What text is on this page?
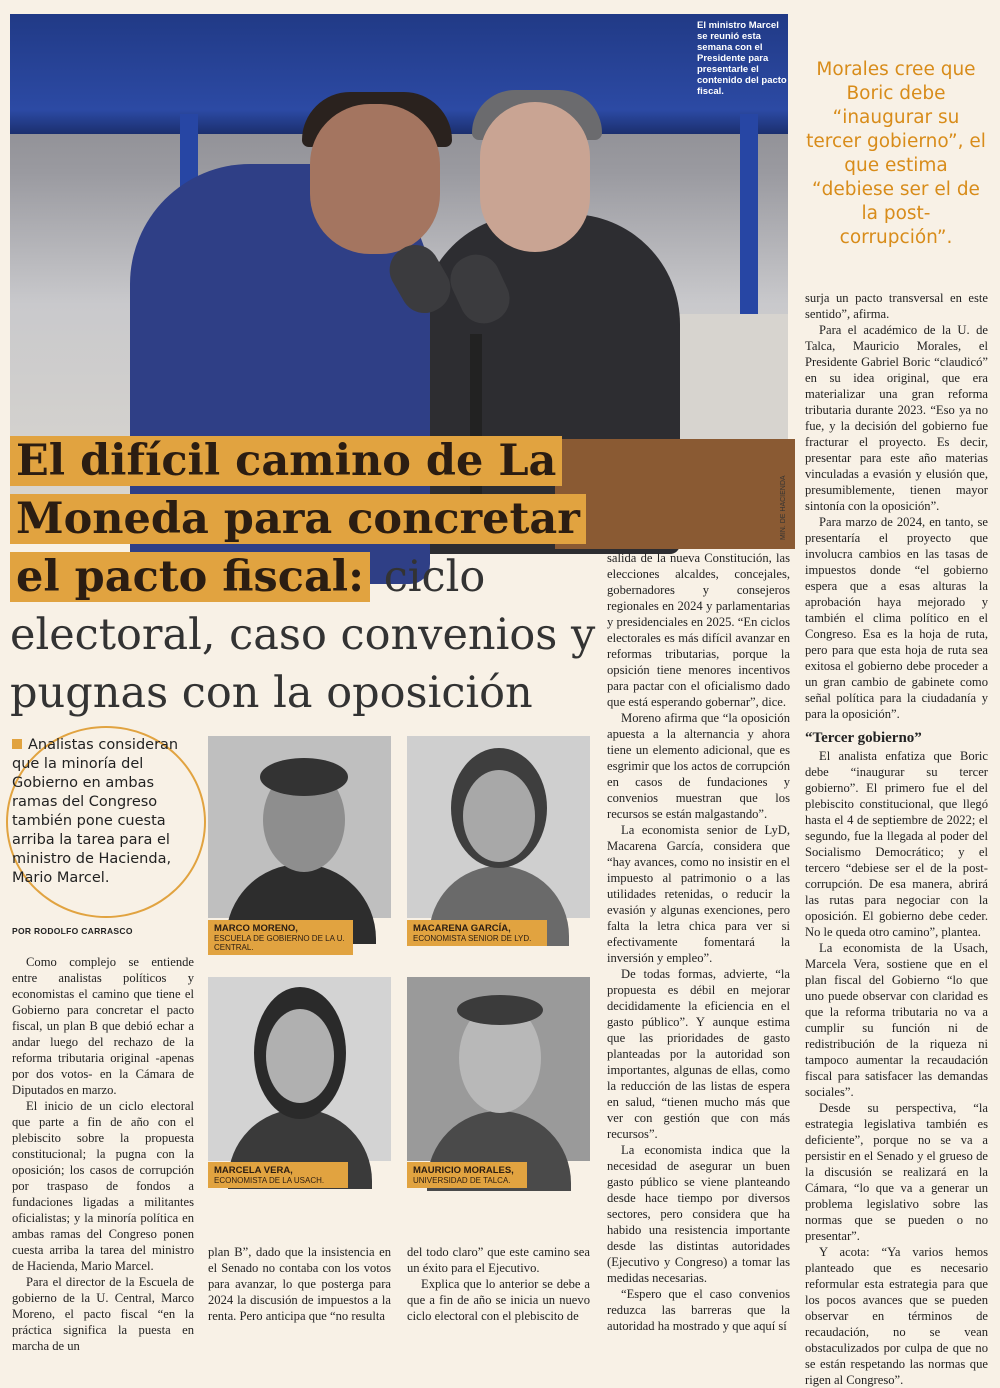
El ministro Marcel se reunió esta semana con el Presidente para presentarle el contenido del pacto fiscal.
MIN. DE HACIENDA
Morales cree que Boric debe “inaugurar su tercer gobierno”, el que estima “debiese ser el de la post-corrupción”.
El difícil camino de La Moneda para concretar el pacto fiscal: ciclo electoral, caso convenios y pugnas con la oposición
Analistas consideran que la minoría del Gobierno en ambas ramas del Congreso también pone cuesta arriba la tarea para el ministro de Hacienda, Mario Marcel.
POR RODOLFO CARRASCO	MARCO MORENO,
ESCUELA DE GOBIERNO DE LA U. CENTRAL.
MACARENA GARCÍA,
ECONOMISTA SENIOR DE LYD.
MARCELA VERA,
ECONOMISTA DE LA USACH.
MAURICIO MORALES,
UNIVERSIDAD DE TALCA.

Como complejo se entiende entre analistas políticos y economistas el camino que tiene el Gobierno para concretar el pacto fiscal, un plan B que debió echar a andar luego del rechazo de la reforma tributaria original -apenas por dos votos- en la Cámara de Diputados en marzo.

El inicio de un ciclo electoral que parte a fin de año con el plebiscito sobre la propuesta constitucional; la pugna con la oposición; los casos de corrupción por traspaso de fondos a fundaciones ligadas a militantes oficialistas; y la minoría política en ambas ramas del Congreso ponen cuesta arriba la tarea del ministro de Hacienda, Mario Marcel.

Para el director de la Escuela de gobierno de la U. Central, Marco Moreno, el pacto fiscal “en la práctica significa la puesta en marcha de un

plan B”, dado que la insistencia en el Senado no contaba con los votos para avanzar, lo que posterga para 2024 la discusión de impuestos a la renta. Pero anticipa que “no resulta

del todo claro” que este camino sea un éxito para el Ejecutivo.

Explica que lo anterior se debe a que a fin de año se inicia un nuevo ciclo electoral con el plebiscito de

salida de la nueva Constitución, las elecciones alcaldes, concejales, gobernadores y consejeros regionales en 2024 y parlamentarias y presidenciales en 2025. “En ciclos electorales es más difícil avanzar en reformas tributarias, porque la opsición tiene menores incentivos para pactar con el oficialismo dado que está esperando gobernar”, dice.

Moreno afirma que “la oposición apuesta a la alternancia y ahora tiene un elemento adicional, que es esgrimir que los actos de corrupción en casos de fundaciones y convenios muestran que los recursos se están malgastando”.

La economista senior de LyD, Macarena García, considera que “hay avances, como no insistir en el impuesto al patrimonio o a las utilidades retenidas, o reducir la evasión y algunas exenciones, pero falta la letra chica para ver si efectivamente fomentará la inversión y empleo”.

De todas formas, advierte, “la propuesta es débil en mejorar decididamente la eficiencia en el gasto público”. Y aunque estima que las prioridades de gasto planteadas por la autoridad son importantes, algunas de ellas, como la reducción de las listas de espera en salud, “tienen mucho más que ver con gestión que con más recursos”.

La economista indica que la necesidad de asegurar un buen gasto público se viene planteando desde hace tiempo por diversos sectores, pero considera que ha habido una resistencia importante desde las distintas autoridades (Ejecutivo y Congreso) a tomar las medidas necesarias.

“Espero que el caso convenios reduzca las barreras que la autoridad ha mostrado y que aquí sí

surja un pacto transversal en este sentido”, afirma.

Para el académico de la U. de Talca, Mauricio Morales, el Presidente Gabriel Boric “claudicó” en su idea original, que era materializar una gran reforma tributaria durante 2023. “Eso ya no fue, y la decisión del gobierno fue fracturar el proyecto. Es decir, presentar para este año materias vinculadas a evasión y elusión que, presumiblemente, tienen mayor sintonía con la oposición”.

Para marzo de 2024, en tanto, se presentaría el proyecto que involucra cambios en las tasas de impuestos donde “el gobierno espera que a esas alturas la aprobación haya mejorado y también el clima político en el Congreso. Esa es la hoja de ruta, pero para que esta hoja de ruta sea exitosa el gobierno debe proceder a un gran cambio de gabinete como señal política para la ciudadanía y para la oposición”.

“Tercer gobierno”

El analista enfatiza que Boric debe “inaugurar su tercer gobierno”. El primero fue el del plebiscito constitucional, que llegó hasta el 4 de septiembre de 2022; el segundo, fue la llegada al poder del Socialismo Democrático; y el tercero “debiese ser el de la post-corrupción. De esa manera, abrirá las rutas para negociar con la oposición. El gobierno debe ceder. No le queda otro camino”, plantea.

La economista de la Usach, Marcela Vera, sostiene que en el plan fiscal del Gobierno “lo que uno puede observar con claridad es que la reforma tributaria no va a cumplir su función ni de redistribución de la riqueza ni tampoco aumentar la recaudación fiscal para satisfacer las demandas sociales”.

Desde su perspectiva, “la estrategia legislativa también es deficiente”, porque no se va a persistir en el Senado y el grueso de la discusión se realizará en la Cámara, “lo que va a generar un problema legislativo sobre las normas que se pueden o no presentar”.

Y acota: “Ya varios hemos planteado que es necesario reformular esta estrategia para que los pocos avances que se pueden observar en términos de recaudación, no se vean obstaculizados por culpa de que no se están respetando las normas que rigen al Congreso”.
